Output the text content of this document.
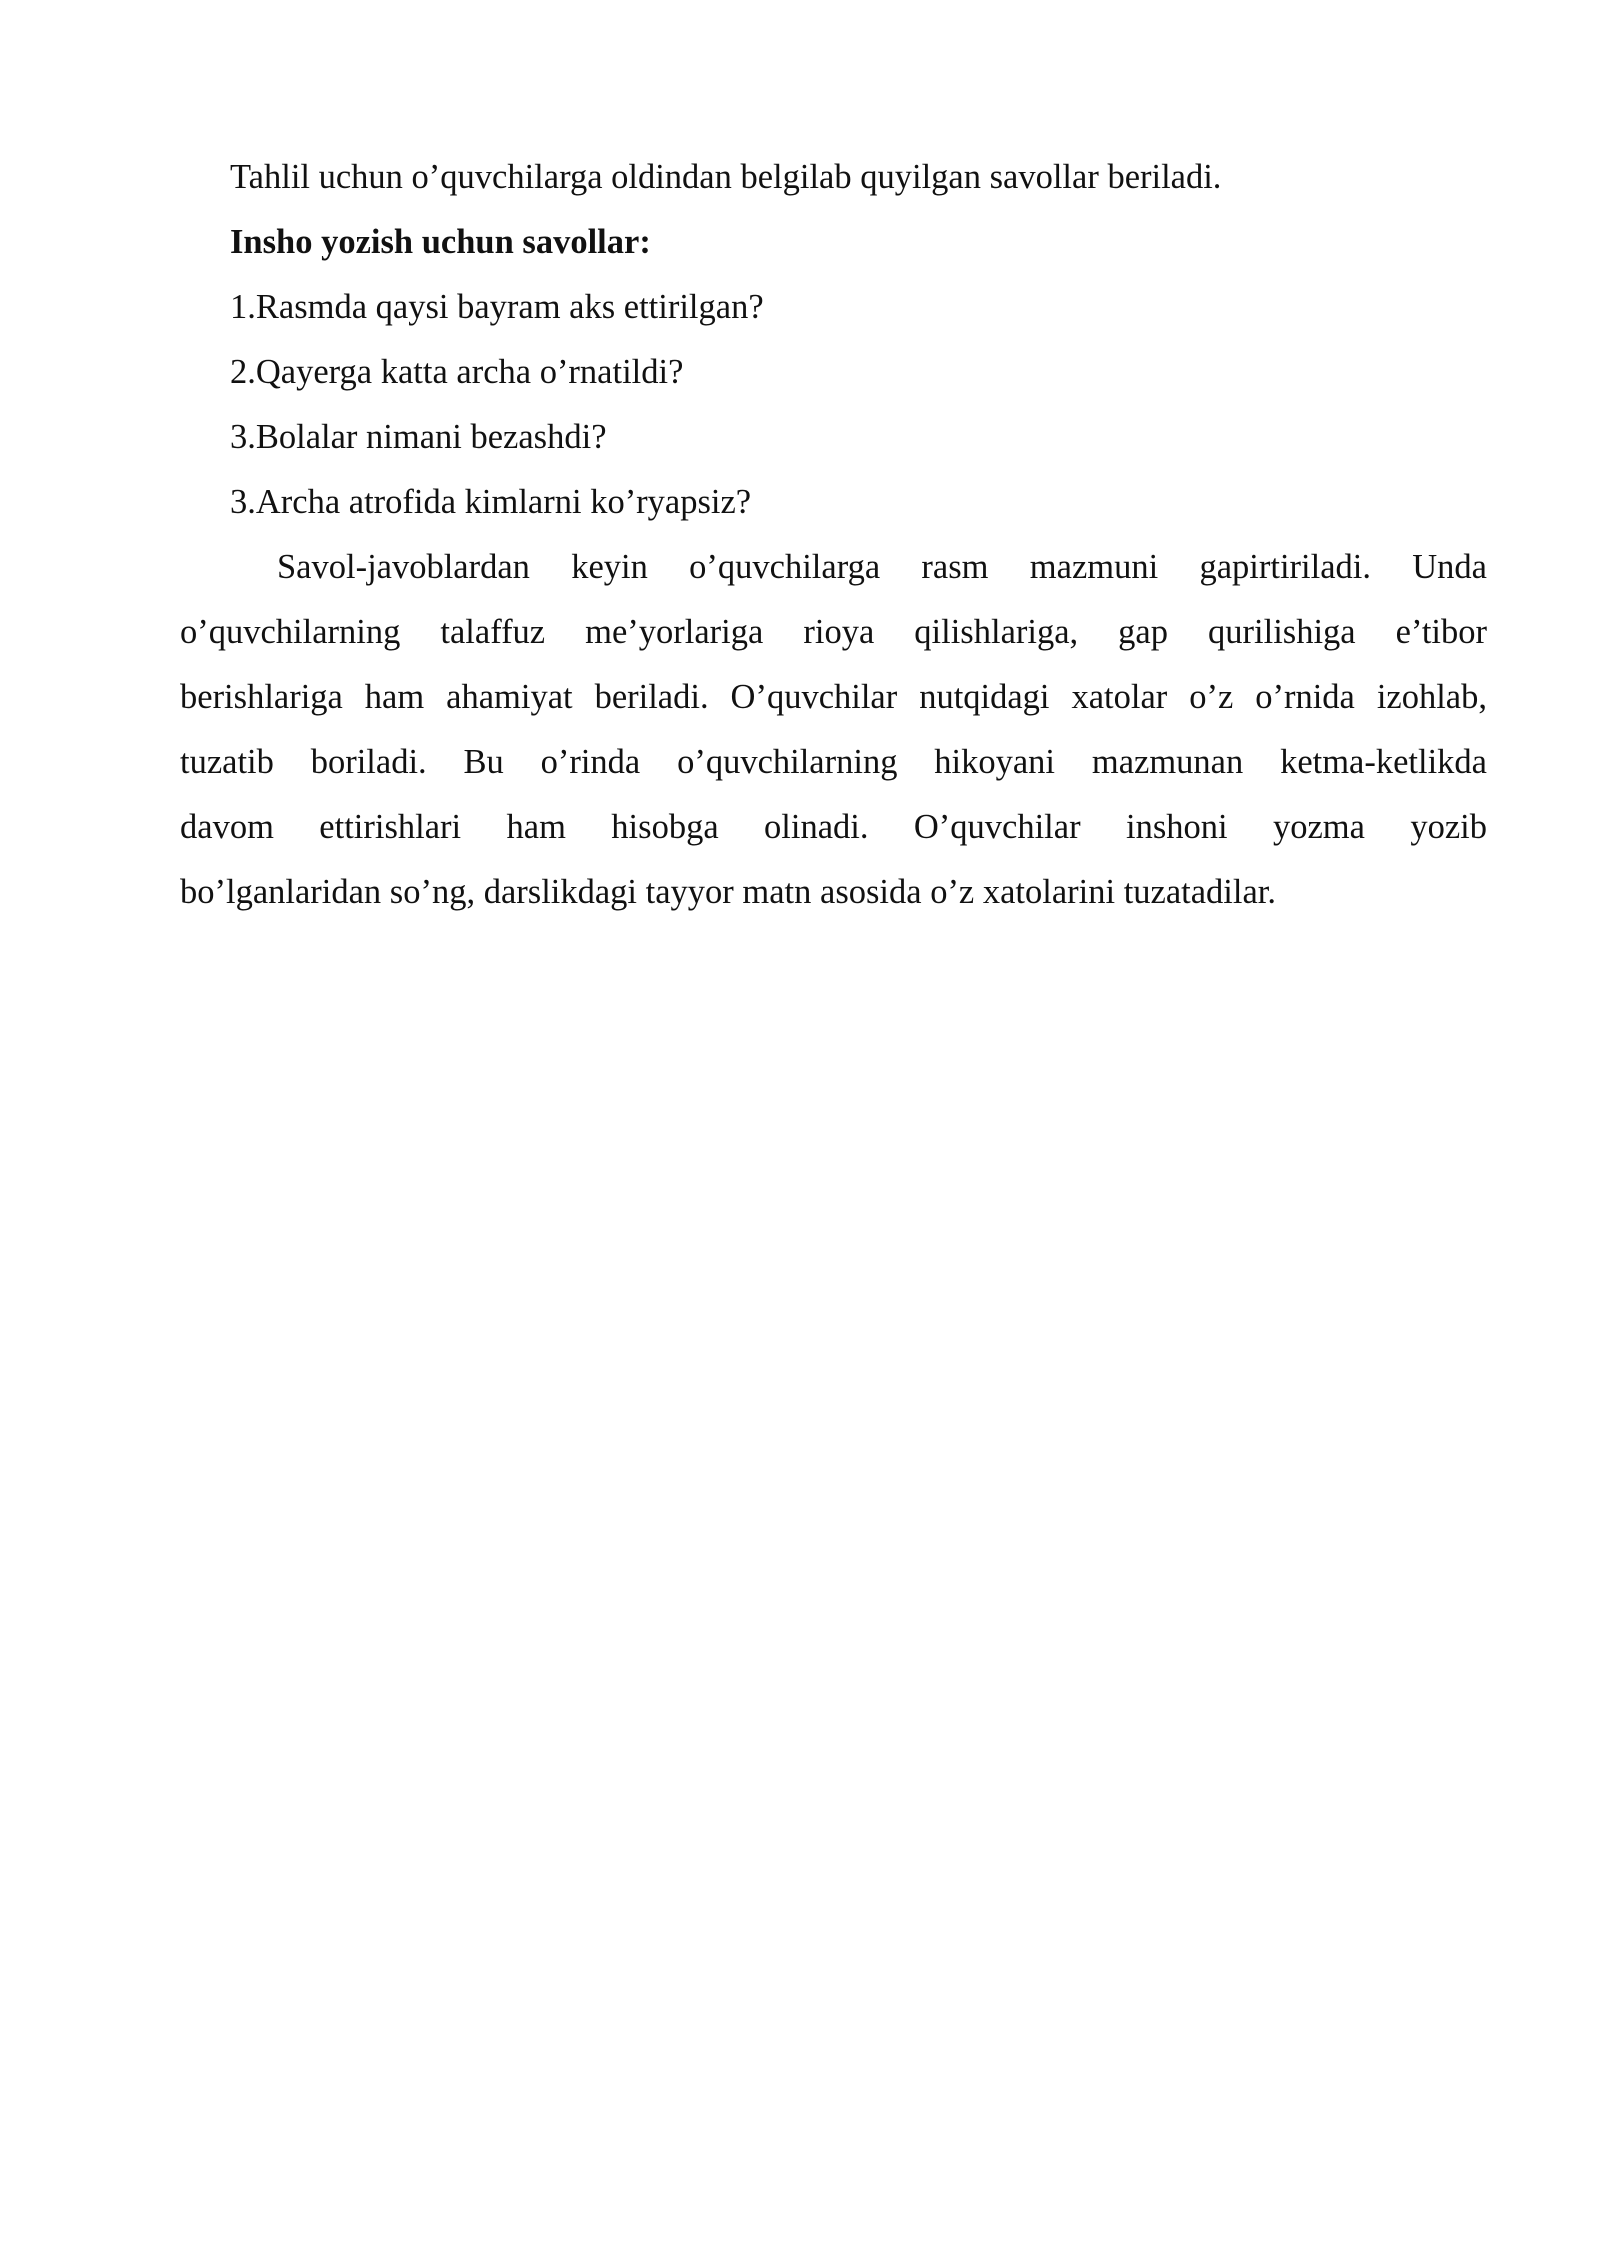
Tahlil uchun o’quvchilarga oldindan belgilab quyilgan savollar beriladi.
Insho yozish uchun savollar:
1.Rasmda qaysi bayram aks ettirilgan?
2.Qayerga katta archa o’rnatildi?
3.Bolalar nimani bezashdi?
3.Archa atrofida kimlarni ko’ryapsiz?
Savol-javoblardan keyin o’quvchilarga rasm mazmuni gapirtiriladi. Unda
o’quvchilarning talaffuz me’yorlariga rioya qilishlariga, gap qurilishiga e’tibor
berishlariga ham ahamiyat beriladi. O’quvchilar nutqidagi xatolar o’z o’rnida izohlab,
tuzatib boriladi. Bu o’rinda o’quvchilarning hikoyani mazmunan ketma-ketlikda
davom ettirishlari ham hisobga olinadi. O’quvchilar inshoni yozma yozib
bo’lganlaridan so’ng, darslikdagi tayyor matn asosida o’z xatolarini tuzatadilar.
